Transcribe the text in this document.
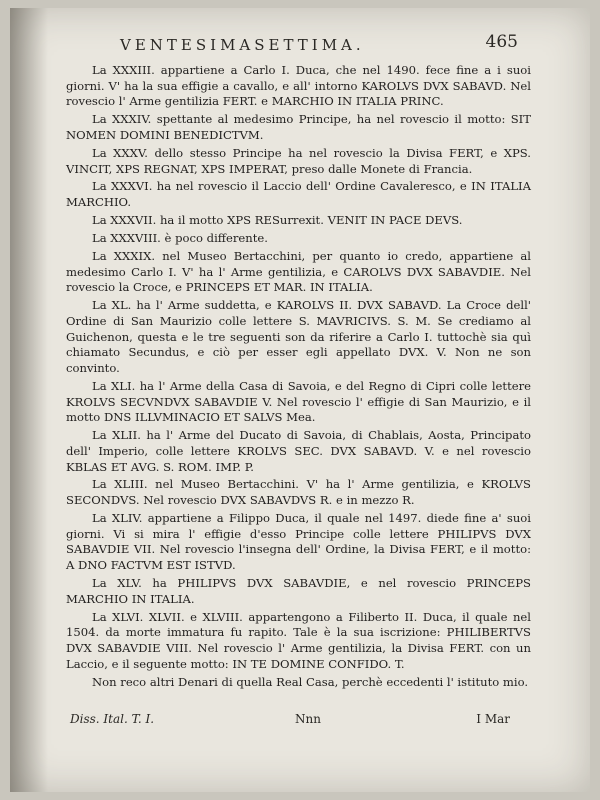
VENTESIMASETTIMA.	465

La XXXIII. appartiene a Carlo I. Duca, che nel 1490. fece fine a i suoi giorni. V' ha la sua effigie a cavallo, e all' intorno KAROLVS DVX SABAVD. Nel rovescio l' Arme gentilizia FERT. e MARCHIO IN ITALIA PRINC.

La XXXIV. spettante al medesimo Principe, ha nel rovescio il motto: SIT NOMEN DOMINI BENEDICTVM.

La XXXV. dello stesso Principe ha nel rovescio la Divisa FERT, e XPS. VINCIT, XPS REGNAT, XPS IMPERAT, preso dalle Monete di Francia.

La XXXVI. ha nel rovescio il Laccio dell' Ordine Cavaleresco, e IN ITALIA MARCHIO.

La XXXVII. ha il motto XPS RESurrexit. VENIT IN PACE DEVS.

La XXXVIII. è poco differente.

La XXXIX. nel Museo Bertacchini, per quanto io credo, appartiene al medesimo Carlo I. V' ha l' Arme gentilizia, e CAROLVS DVX SABAVDIE. Nel rovescio la Croce, e PRINCEPS ET MAR. IN ITALIA.

La XL. ha l' Arme suddetta, e KAROLVS II. DVX SABAVD. La Croce dell' Ordine di San Maurizio colle lettere S. MAVRICIVS. S. M. Se crediamo al Guichenon, questa e le tre seguenti son da riferire a Carlo I. tuttochè sia quì chiamato Secundus, e ciò per esser egli appellato DVX. V. Non ne son convinto.

La XLI. ha l' Arme della Casa di Savoia, e del Regno di Cipri colle lettere KROLVS SECVNDVX SABAVDIE V. Nel rovescio l' effigie di San Maurizio, e il motto DNS ILLVMINACIO ET SALVS Mea.

La XLII. ha l' Arme del Ducato di Savoia, di Chablais, Aosta, Principato dell' Imperio, colle lettere KROLVS SEC. DVX SABAVD. V. e nel rovescio KBLAS ET AVG. S. ROM. IMP. P.

La XLIII. nel Museo Bertacchini. V' ha l' Arme gentilizia, e KROLVS SECONDVS. Nel rovescio DVX SABAVDVS R. e in mezzo R.

La XLIV. appartiene a Filippo Duca, il quale nel 1497. diede fine a' suoi giorni. Vi si mira l' effigie d'esso Principe colle lettere PHILIPVS DVX SABAVDIE VII. Nel rovescio l'insegna dell' Ordine, la Divisa FERT, e il motto: A DNO FACTVM EST ISTVD.

La XLV. ha PHILIPVS DVX SABAVDIE, e nel rovescio PRINCEPS MARCHIO IN ITALIA.

La XLVI. XLVII. e XLVIII. appartengono a Filiberto II. Duca, il quale nel 1504. da morte immatura fu rapito. Tale è la sua iscrizione: PHILIBERTVS DVX SABAVDIE VIII. Nel rovescio l' Arme gentilizia, la Divisa FERT. con un Laccio, e il seguente motto: IN TE DOMINE CONFIDO. T.

Non reco altri Denari di quella Real Casa, perchè eccedenti l' istituto mio.

Diss. Ital. T. I.	Nnn	I Mar
